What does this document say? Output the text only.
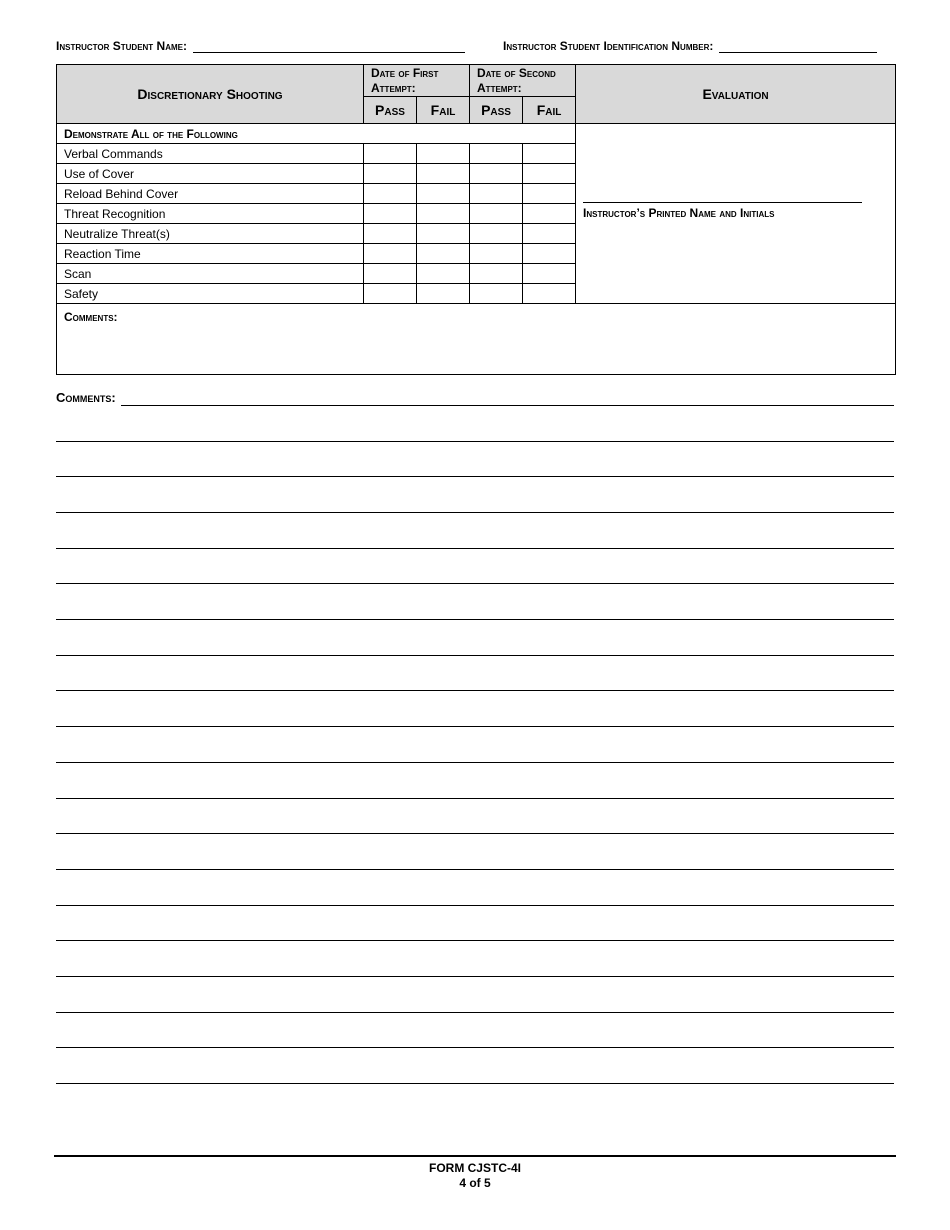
Instructor Student Name:	Instructor Student Identification Number:
Discretionary Shooting	Date of First Attempt:		Date of Second Attempt:		Evaluation
	Pass	Fail	Pass	Fail	
Demonstrate All of the Following					Instructor’s Printed Name and Initials

Verbal Commands					
Use of Cover					
Reload Behind Cover					
Threat Recognition					
Neutralize Threat(s)					
Reaction Time					
Scan					
Safety					
Comments:					
Comments:
FORM CJSTC-4I
4 of 5
